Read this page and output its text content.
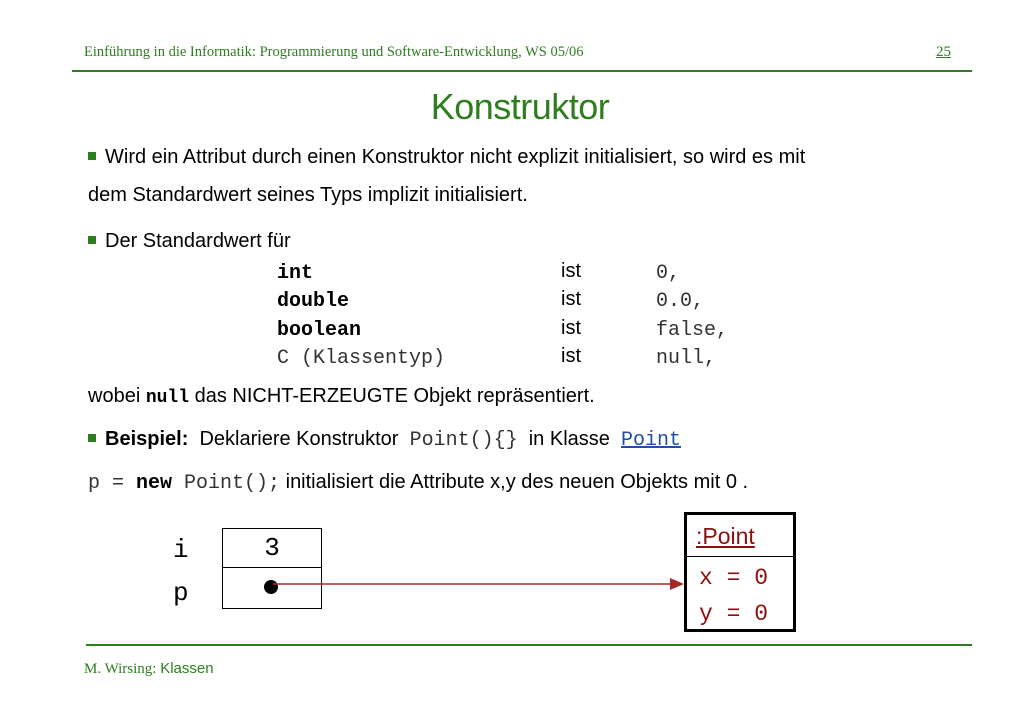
Einführung in die Informatik: Programmierung und Software-Entwicklung, WS 05/06	25
Konstruktor
Wird ein Attribut durch einen Konstruktor nicht explizit initialisiert, so wird es mit
dem Standardwert seines Typs implizit initialisiert.
Der Standardwert für
int	ist	0,
double	ist	0.0,
boolean	ist	false,
C (Klassentyp)	ist	null,
wobei null das NICHT-ERZEUGTE Objekt repräsentiert.
Beispiel: Deklariere Konstruktor Point(){} in Klasse Point
p = new Point(); initialisiert die Attribute x,y des neuen Objekts mit 0 .
i
p
3	:Point
x = 0
y = 0
M. Wirsing: Klassen
